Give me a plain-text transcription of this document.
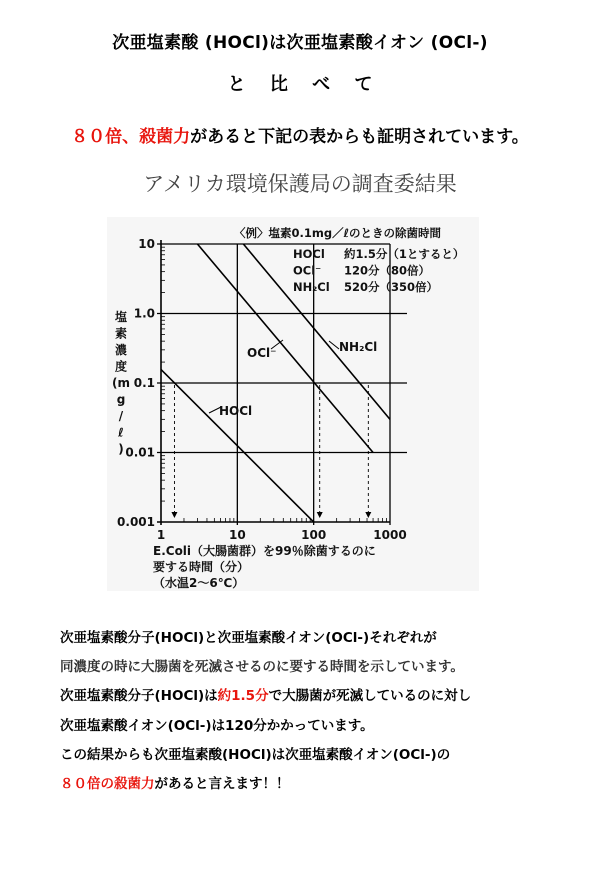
次亜塩素酸 (HOCl)は次亜塩素酸イオン (OCl-)
と 比 べ て
８０倍、殺菌力があると下記の表からも証明されています。
アメリカ環境保護局の調査委結果
10
1.0
0.1
0.01
0.001
1	10	100	1000
塩
素
濃
度
(m
g
/
ℓ
)
HOCl
OCl⁻	NH₂Cl
〈例〉塩素0.1mg／ℓのときの除菌時間
HOCl 約1.5分（1とすると）
OCl⁻ 120分（80倍）
NH₂Cl 520分（350倍）
E.Coli（大腸菌群）を99％除菌するのに
要する時間（分）
（水温2〜6℃）
次亜塩素酸分子(HOCl)と次亜塩素酸イオン(OCl-)それぞれが
同濃度の時に大腸菌を死滅させるのに要する時間を示しています。
次亜塩素酸分子(HOCl)は約1.5分で大腸菌が死滅しているのに対し
次亜塩素酸イオン(OCl-)は120分かかっています。
この結果からも次亜塩素酸(HOCl)は次亜塩素酸イオン(OCl-)の
８０倍の殺菌力があると言えます！！
